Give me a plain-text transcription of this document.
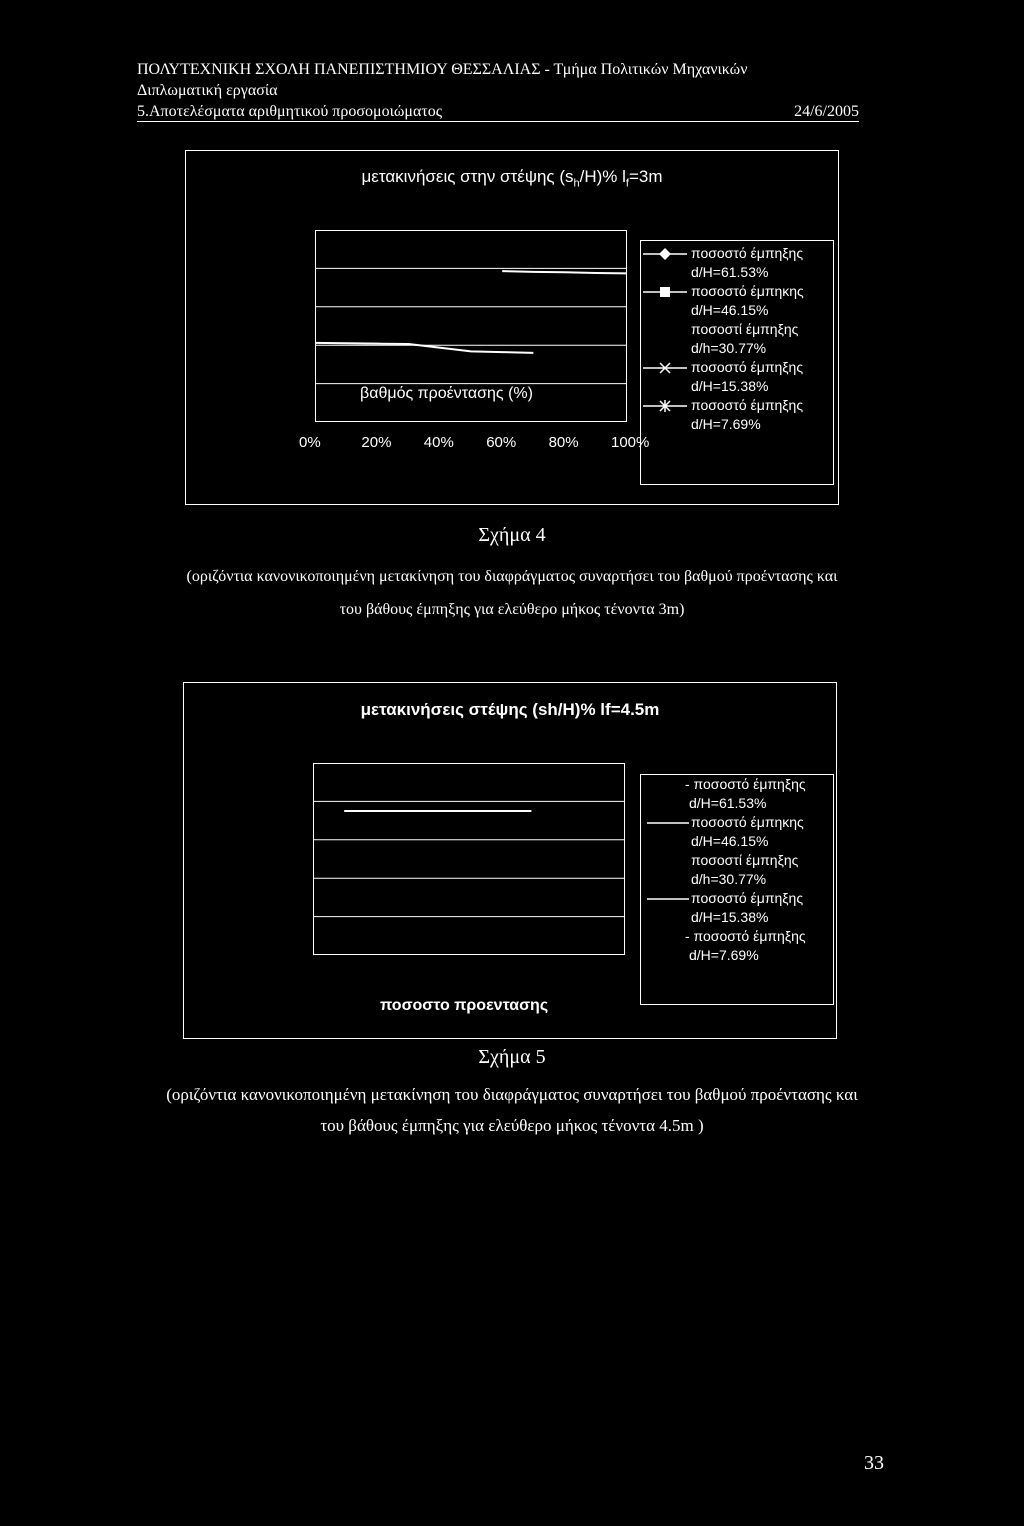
ΠΟΛΥΤΕΧΝΙΚΗ ΣΧΟΛΗ ΠΑΝΕΠΙΣΤΗΜΙΟΥ ΘΕΣΣΑΛΙΑΣ - Τμήμα Πολιτικών Μηχανικών
Διπλωματική εργασία
5.Αποτελέσματα αριθμητικού προσομοιώματος	24/6/2005
μετακινήσεις στην στέψης $(s_h/H)\%$ $l_f=3m$
ποσοστό έμπηξης
d/H=61.53%
ποσοστό έμπηκης
d/H=46.15%
ποσοστί έμπηξης
d/h=30.77%
ποσοστό έμπηξης
d/H=15.38%
ποσοστό έμπηξης
d/H=7.69%
0%	20% 40% 60% 80% 100%
βαθμός προέντασης (%)
Σχήμα 4
(οριζόντια κανονικοποιημένη μετακίνηση του διαφράγματος συναρτήσει του βαθμού προέντασης και
του βάθους έμπηξης για ελεύθερο μήκος τένοντα 3m)
μετακινήσεις στέψης (sh/H)% lf=4.5m
- ποσοστό έμπηξης
d/H=61.53%
ποσοστό έμπηκης
d/H=46.15%
ποσοστί έμπηξης
d/h=30.77%
ποσοστό έμπηξης
d/H=15.38%
- ποσοστό έμπηξης
d/H=7.69%
ποσοστο προεντασης
Σχήμα 5
(οριζόντια κανονικοποιημένη μετακίνηση του διαφράγματος συναρτήσει του βαθμού προέντασης και
του βάθους έμπηξης για ελεύθερο μήκος τένοντα 4.5m )
33
